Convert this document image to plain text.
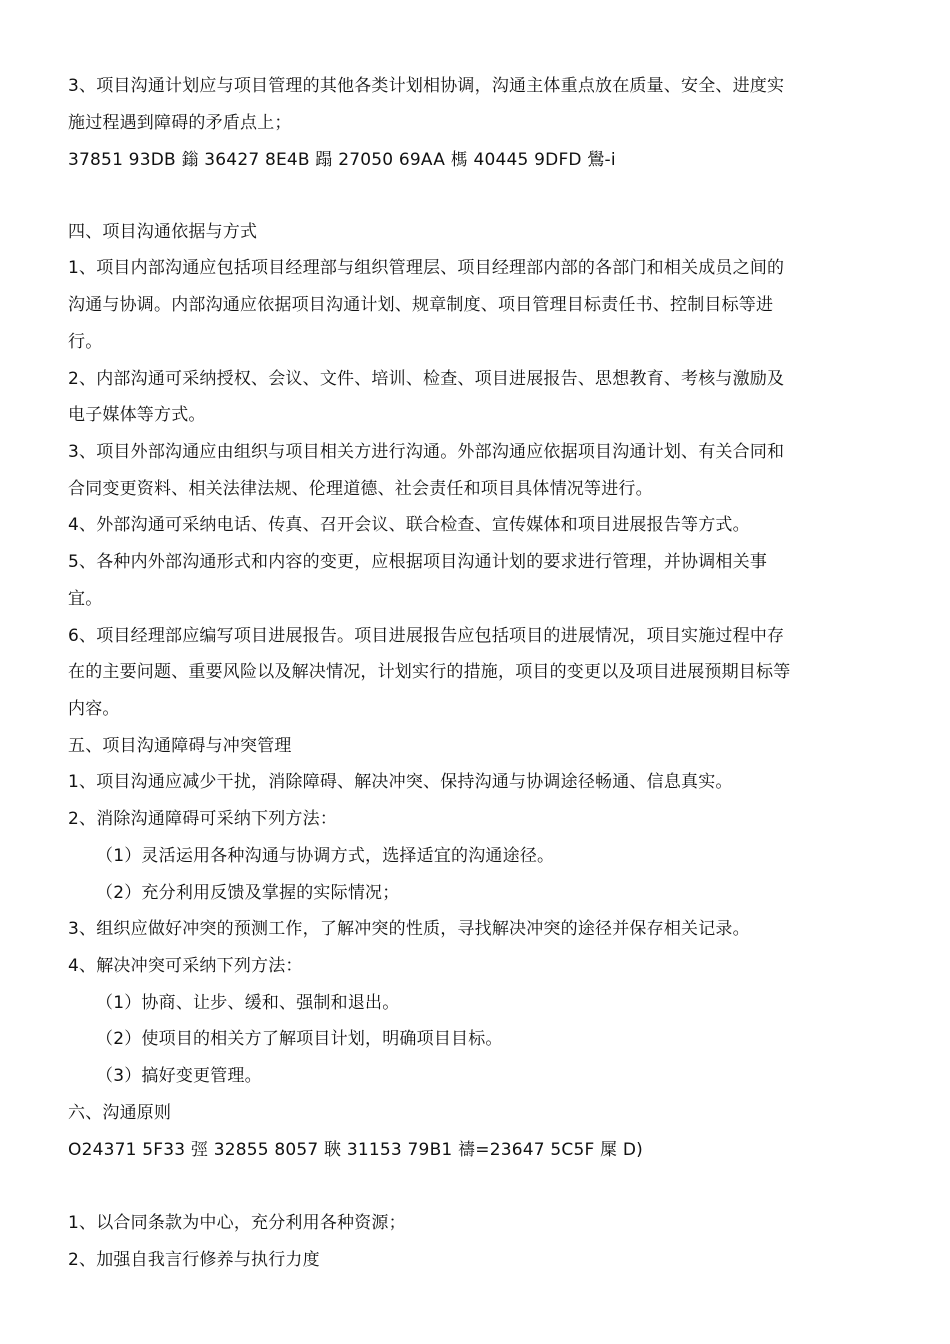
3、项目沟通计划应与项目管理的其他各类计划相协调，沟通主体重点放在质量、安全、进度实
施过程遇到障碍的矛盾点上；
37851 93DB 鎓 36427 8E4B 蹋 27050 69AA 榪 40445 9DFD 鷽-i
四、项目沟通依据与方式
1、项目内部沟通应包括项目经理部与组织管理层、项目经理部内部的各部门和相关成员之间的
沟通与协调。内部沟通应依据项目沟通计划、规章制度、项目管理目标责任书、控制目标等进
行。
2、内部沟通可采纳授权、会议、文件、培训、检查、项目进展报告、思想教育、考核与激励及
电子媒体等方式。
3、项目外部沟通应由组织与项目相关方进行沟通。外部沟通应依据项目沟通计划、有关合同和
合同变更资料、相关法律法规、伦理道德、社会责任和项目具体情况等进行。
4、外部沟通可采纳电话、传真、召开会议、联合检查、宣传媒体和项目进展报告等方式。
5、各种内外部沟通形式和内容的变更，应根据项目沟通计划的要求进行管理，并协调相关事
宜。
6、项目经理部应编写项目进展报告。项目进展报告应包括项目的进展情况，项目实施过程中存
在的主要问题、重要风险以及解决情况，计划实行的措施，项目的变更以及项目进展预期目标等
内容。
五、项目沟通障碍与冲突管理
1、项目沟通应减少干扰，消除障碍、解决冲突、保持沟通与协调途径畅通、信息真实。
2、消除沟通障碍可采纳下列方法：
（1）灵活运用各种沟通与协调方式，选择适宜的沟通途径。
（2）充分利用反馈及掌握的实际情况；
3、组织应做好冲突的预测工作，了解冲突的性质，寻找解决冲突的途径并保存相关记录。
4、解决冲突可采纳下列方法：
（1）协商、让步、缓和、强制和退出。
（2）使项目的相关方了解项目计划，明确项目目标。
（3）搞好变更管理。
六、沟通原则
O24371 5F33 弳 32855 8057 聗 31153 79B1 禱=23647 5C5F 屟 D)
1、以合同条款为中心，充分利用各种资源；
2、加强自我言行修养与执行力度
